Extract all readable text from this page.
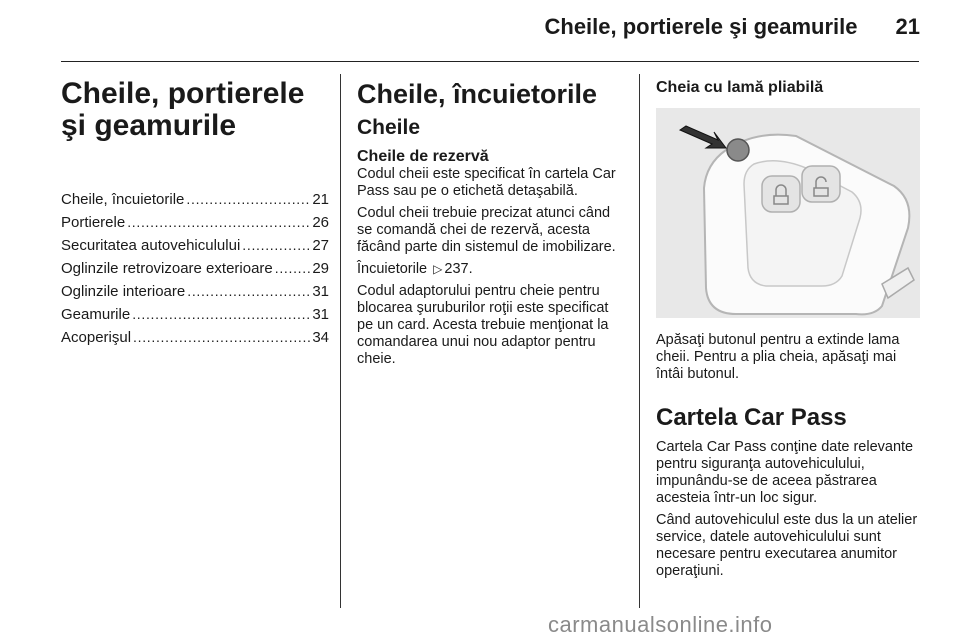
Cheile, portierele şi geamurile 21
Cheile, portierele şi geamurile
Cheile, încuietorile . . .	21
Portierele . . .	26
Securitatea autovehiculului . . .	27
Oglinzile retrovizoare exterioare . . .	29
Oglinzile interioare . . .	31
Geamurile . . .	31
Acoperişul . . .	34
Cheile, încuietorile
Cheile
Cheile de rezervă

Codul cheii este specificat în cartela Car Pass sau pe o etichetă detaşabilă.

Codul cheii trebuie precizat atunci când se comandă chei de rezervă, acesta făcând parte din sistemul de imobilizare.

Încuietorile ▷ 237.

Codul adaptorului pentru cheie pentru blocarea şuruburilor roţii este specificat pe un card. Acesta trebuie menţionat la comandarea unui nou adaptor pentru cheie.

Cheia cu lamă pliabilă

Apăsaţi butonul pentru a extinde lama cheii. Pentru a plia cheia, apăsaţi mai întâi butonul.

Cartela Car Pass

Cartela Car Pass conţine date relevante pentru siguranţa autovehiculului, impunându-se de aceea păstrarea acesteia într-un loc sigur.

Când autovehiculul este dus la un atelier service, datele autovehiculului sunt necesare pentru executarea anumitor operaţiuni.

carmanualsonline.info
